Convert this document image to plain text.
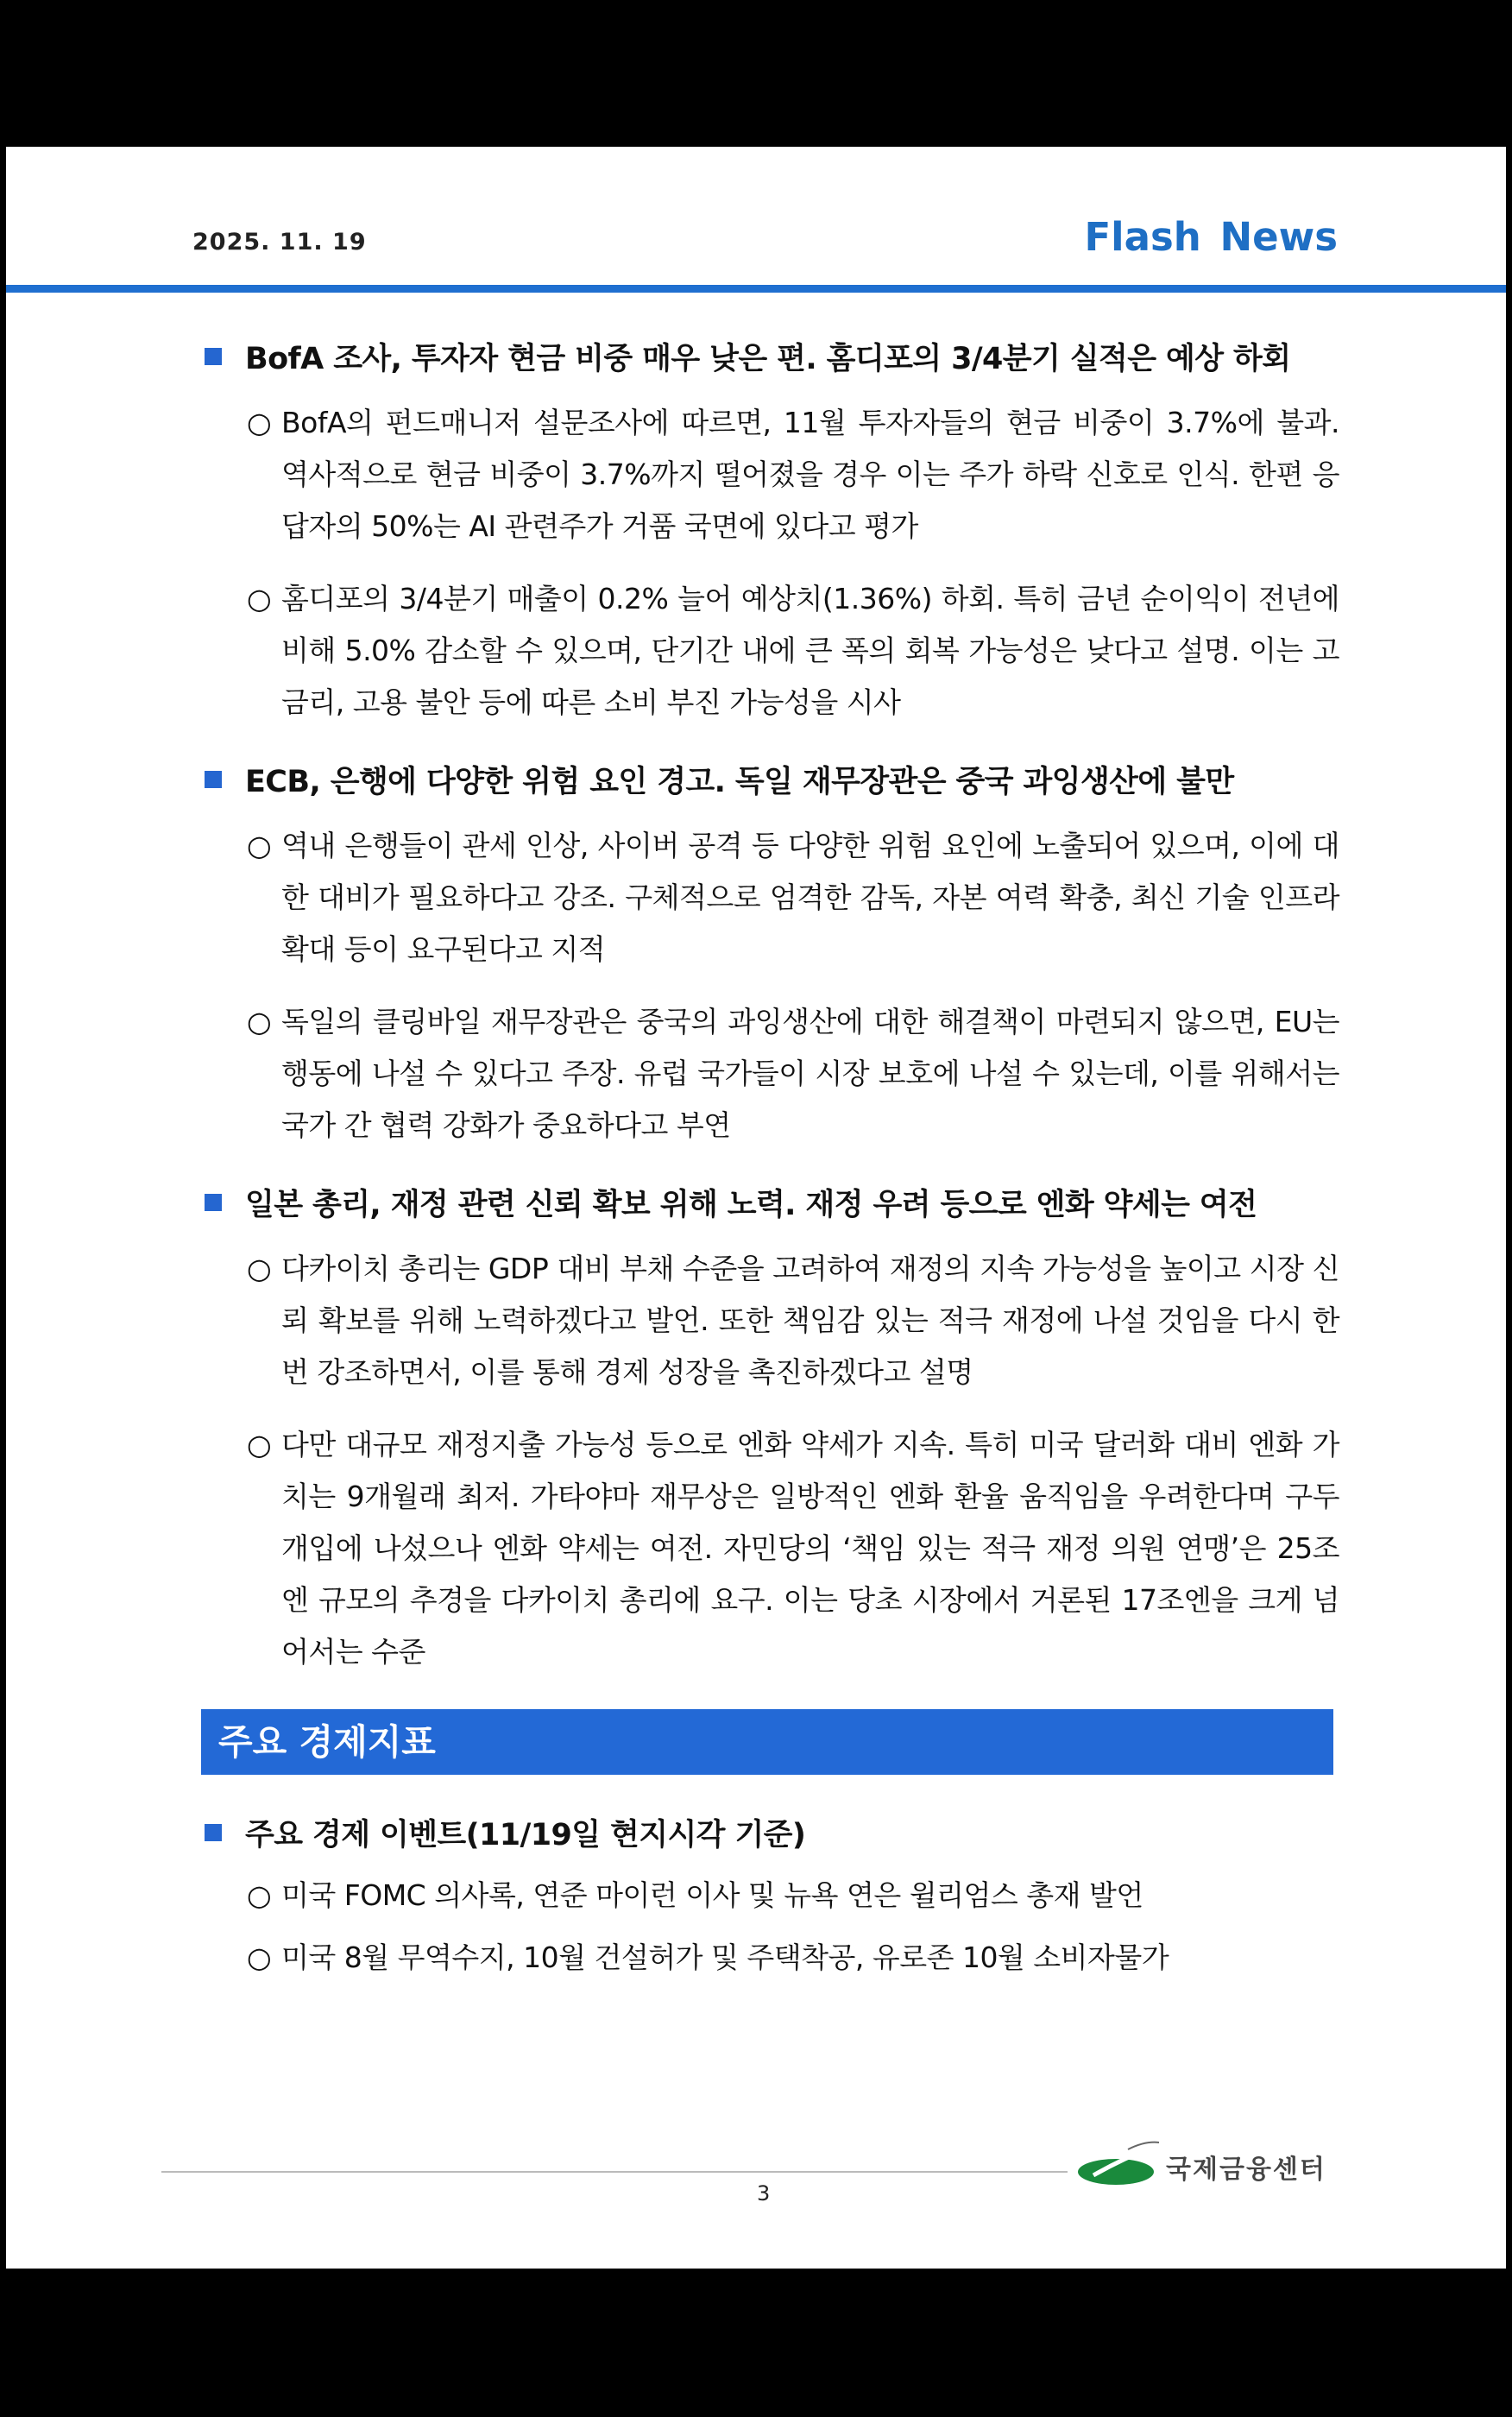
2025. 11. 19	Flash News
BofA 조사, 투자자 현금 비중 매우 낮은 편. 홈디포의 3/4분기 실적은 예상 하회
○ BofA의 펀드매니저 설문조사에 따르면, 11월 투자자들의 현금 비중이 3.7%에 불과. 역사적으로 현금 비중이 3.7%까지 떨어졌을 경우 이는 주가 하락 신호로 인식. 한편 응답자의 50%는 AI 관련주가 거품 국면에 있다고 평가
○ 홈디포의 3/4분기 매출이 0.2% 늘어 예상치(1.36%) 하회. 특히 금년 순이익이 전년에 비해 5.0% 감소할 수 있으며, 단기간 내에 큰 폭의 회복 가능성은 낮다고 설명. 이는 고금리, 고용 불안 등에 따른 소비 부진 가능성을 시사
ECB, 은행에 다양한 위험 요인 경고. 독일 재무장관은 중국 과잉생산에 불만
○ 역내 은행들이 관세 인상, 사이버 공격 등 다양한 위험 요인에 노출되어 있으며, 이에 대한 대비가 필요하다고 강조. 구체적으로 엄격한 감독, 자본 여력 확충, 최신 기술 인프라 확대 등이 요구된다고 지적
○ 독일의 클링바일 재무장관은 중국의 과잉생산에 대한 해결책이 마련되지 않으면, EU는 행동에 나설 수 있다고 주장. 유럽 국가들이 시장 보호에 나설 수 있는데, 이를 위해서는 국가 간 협력 강화가 중요하다고 부연
일본 총리, 재정 관련 신뢰 확보 위해 노력. 재정 우려 등으로 엔화 약세는 여전
○ 다카이치 총리는 GDP 대비 부채 수준을 고려하여 재정의 지속 가능성을 높이고 시장 신뢰 확보를 위해 노력하겠다고 발언. 또한 책임감 있는 적극 재정에 나설 것임을 다시 한 번 강조하면서, 이를 통해 경제 성장을 촉진하겠다고 설명
○ 다만 대규모 재정지출 가능성 등으로 엔화 약세가 지속. 특히 미국 달러화 대비 엔화 가치는 9개월래 최저. 가타야마 재무상은 일방적인 엔화 환율 움직임을 우려한다며 구두 개입에 나섰으나 엔화 약세는 여전. 자민당의 ‘책임 있는 적극 재정 의원 연맹’은 25조엔 규모의 추경을 다카이치 총리에 요구. 이는 당초 시장에서 거론된 17조엔을 크게 넘어서는 수준
주요 경제지표
주요 경제 이벤트(11/19일 현지시각 기준)
○ 미국 FOMC 의사록, 연준 마이런 이사 및 뉴욕 연은 윌리엄스 총재 발언
○ 미국 8월 무역수지, 10월 건설허가 및 주택착공, 유로존 10월 소비자물가
국제금융센터
3
